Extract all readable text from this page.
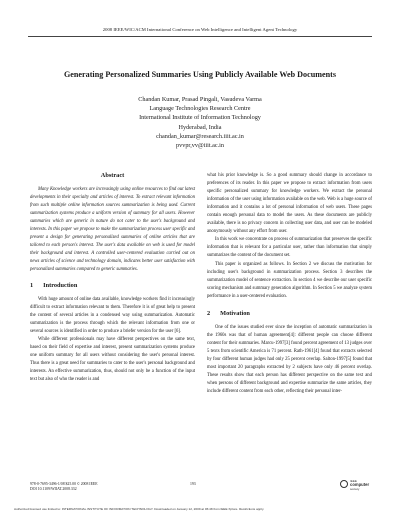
2008 IEEE/WIC/ACM International Conference on Web Intelligence and Intelligent Agent Technology
Generating Personalized Summaries Using Publicly Available Web Documents
Chandan Kumar, Prasad Pingali, Vasudeva Varma
Language Technologies Research Centre
International Institute of Information Technology
Hyderabad, India
chandan_kumar@research.iiit.ac.in
pvvpr,vv@iiit.ac.in
Abstract

Many Knowledge workers are increasingly using online resources to find out latest developments in their specialty and articles of interest. To extract relevant information from such multiple online information sources summarization is being used. Current summarization systems produce a uniform version of summary for all users. However summaries which are generic in nature do not cater to the user's background and interests. In this paper we propose to make the summarization process user specific and present a design for generating personalized summaries of online articles that are tailored to each person's interest. The user's data available on web is used for model their background and interest. A controlled user-centered evaluation carried out on news articles of science and technology domain, indicates better user satisfaction with personalized summaries compared to generic summaries.

1 Introduction

With huge amount of online data available, knowledge workers find it increasingly difficult to extract information relevant to them. Therefore it is of great help to present the content of several articles in a condensed way using summarization. Automatic summarization is the process through which the relevant information from one or several sources is identified in order to produce a briefer version for the user [6].

While different professionals may have different perspectives on the same text, based on their field of expertise and interest, present summarization systems produce one uniform summary for all users without considering the user's personal interest. Thus there is a great need for summaries to cater to the user's personal background and interests. An effective summarization, thus, should not only be a function of the input text but also of who the reader is and

what his prior knowledge is. So a good summary should change in accordance to preferences of its reader. In this paper we propose to extract information from users specific personalized summary for knowledge workers. We extract the personal information of the user using information available on the web. Web is a huge source of information and it contains a lot of personal information of web users. These pages contain enough personal data to model the users. As these documents are publicly available, there is no privacy concern in collecting user data, and user can be modeled anonymously without any effort from user.

In this work we concentrate on process of summarization that preserves the specific information that is relevant for a particular user, rather than information that simply summarizes the content of the document set.

This paper is organized as follows. In Section 2 we discuss the motivation for including user's background in summarization process. Section 3 describes the summarization model of sentence extraction. In section 4 we describe our user specific scoring mechanism and summary generation algorithm. In Section 5 we analyze system performance in a user-centered evaluation.

2 Motivation

One of the issues studied ever since the inception of automatic summarization in the 1960s was that of human agreement[4]: different people can choose different content for their summaries. Marcu-1997[3] found percent agreement of 13 judges over 5 texts from scientific America is 71 percent. Rath-1961[4] found that extracts selected by four different human judges had only 25 percent overlap. Salton-1997[5] found that most important 20 paragraphs extracted by 2 subjects have only 46 percent overlap. These results show that each person has different perspective on the same text and when persons of different background and expertise summarize the same articles, they include different content from each other, reflecting their personal inter-

978-0-7695-3496-1/08 $25.00 © 2008 IEEE
DOI 10.1109/WIIAT.2008.332
193
IEEE
computer
society
Authorized licensed use limited to: INTERNATIONAL INSTITUTE OF INFORMATION TECHNOLOGY. Downloaded on January 12, 2009 at 06:48 from IEEE Xplore. Restrictions apply.
